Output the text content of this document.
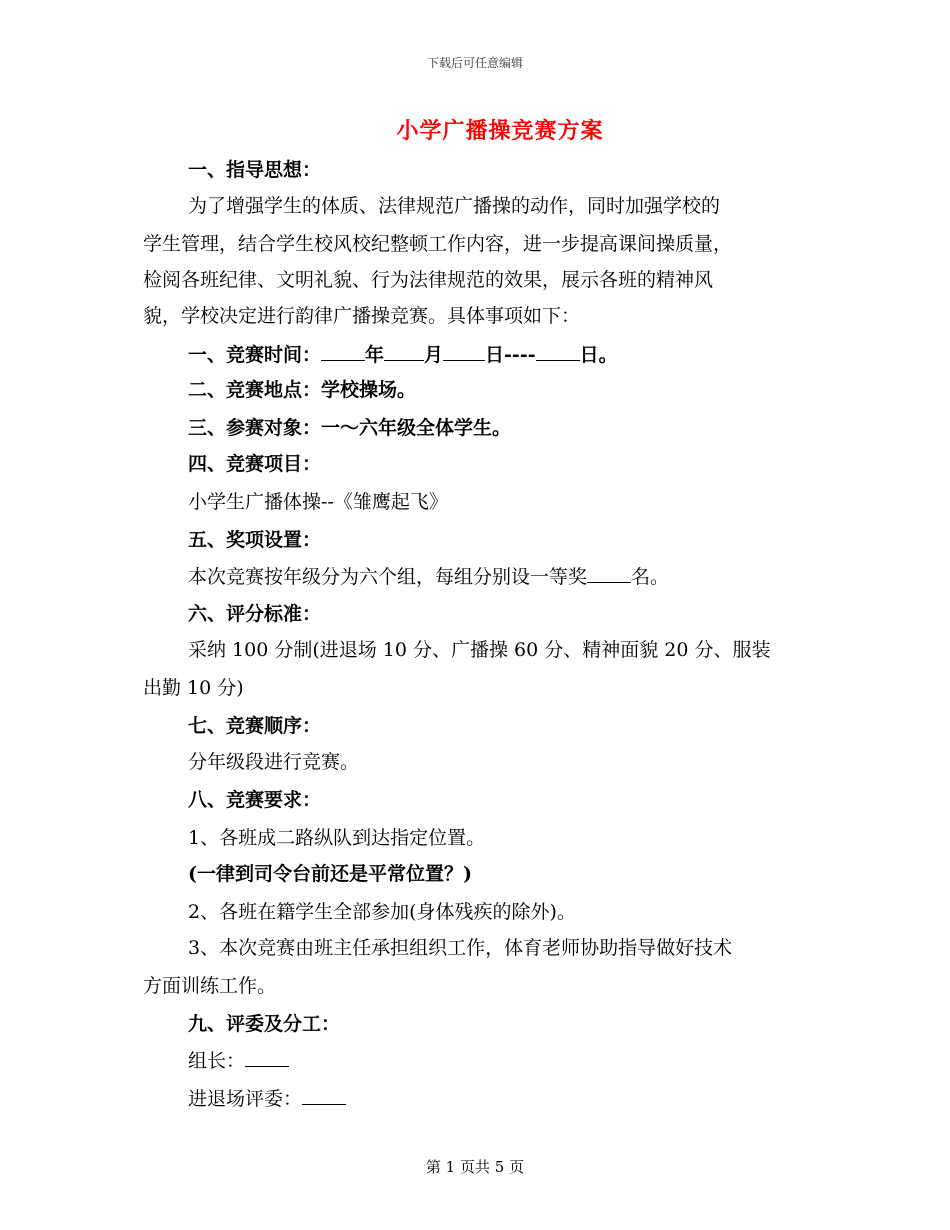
下载后可任意编辑
小学广播操竞赛方案
一、指导思想：
为了增强学生的体质、法律规范广播操的动作，同时加强学校的
学生管理，结合学生校风校纪整顿工作内容，进一步提高课间操质量，
检阅各班纪律、文明礼貌、行为法律规范的效果，展示各班的精神风
貌，学校决定进行韵律广播操竞赛。具体事项如下：
一、竞赛时间： 年 月 日---- 日。
二、竞赛地点：学校操场。
三、参赛对象：一～六年级全体学生。
四、竞赛项目：
小学生广播体操--《雏鹰起飞》
五、奖项设置：
本次竞赛按年级分为六个组，每组分别设一等奖 名。
六、评分标准：
采纳 100 分制(进退场 10 分、广播操 60 分、精神面貌 20 分、服装
出勤 10 分)
七、竞赛顺序：
分年级段进行竞赛。
八、竞赛要求：
1、各班成二路纵队到达指定位置。
(一律到司令台前还是平常位置？)
2、各班在籍学生全部参加(身体残疾的除外)。
3、本次竞赛由班主任承担组织工作，体育老师协助指导做好技术
方面训练工作。
九、评委及分工：
组长：
进退场评委：
第 1 页共 5 页
